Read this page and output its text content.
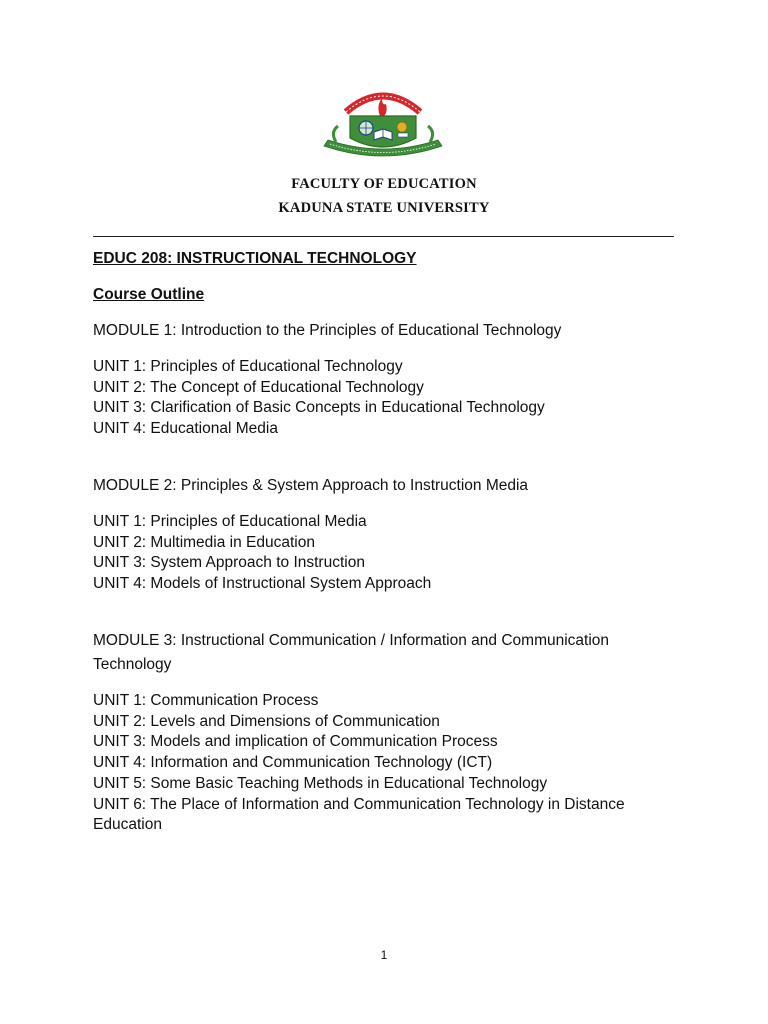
FACULTY OF EDUCATION
KADUNA STATE UNIVERSITY
EDUC 208: INSTRUCTIONAL TECHNOLOGY
Course Outline
MODULE 1: Introduction to the Principles of Educational Technology
UNIT 1: Principles of Educational Technology
UNIT 2: The Concept of Educational Technology
UNIT 3: Clarification of Basic Concepts in Educational Technology
UNIT 4: Educational Media
MODULE 2: Principles & System Approach to Instruction Media
UNIT 1: Principles of Educational Media
UNIT 2: Multimedia in Education
UNIT 3: System Approach to Instruction
UNIT 4: Models of Instructional System Approach
MODULE 3: Instructional Communication / Information and Communication Technology
UNIT 1: Communication Process
UNIT 2: Levels and Dimensions of Communication
UNIT 3: Models and implication of Communication Process
UNIT 4: Information and Communication Technology (ICT)
UNIT 5: Some Basic Teaching Methods in Educational Technology
UNIT 6: The Place of Information and Communication Technology in Distance Education
1
